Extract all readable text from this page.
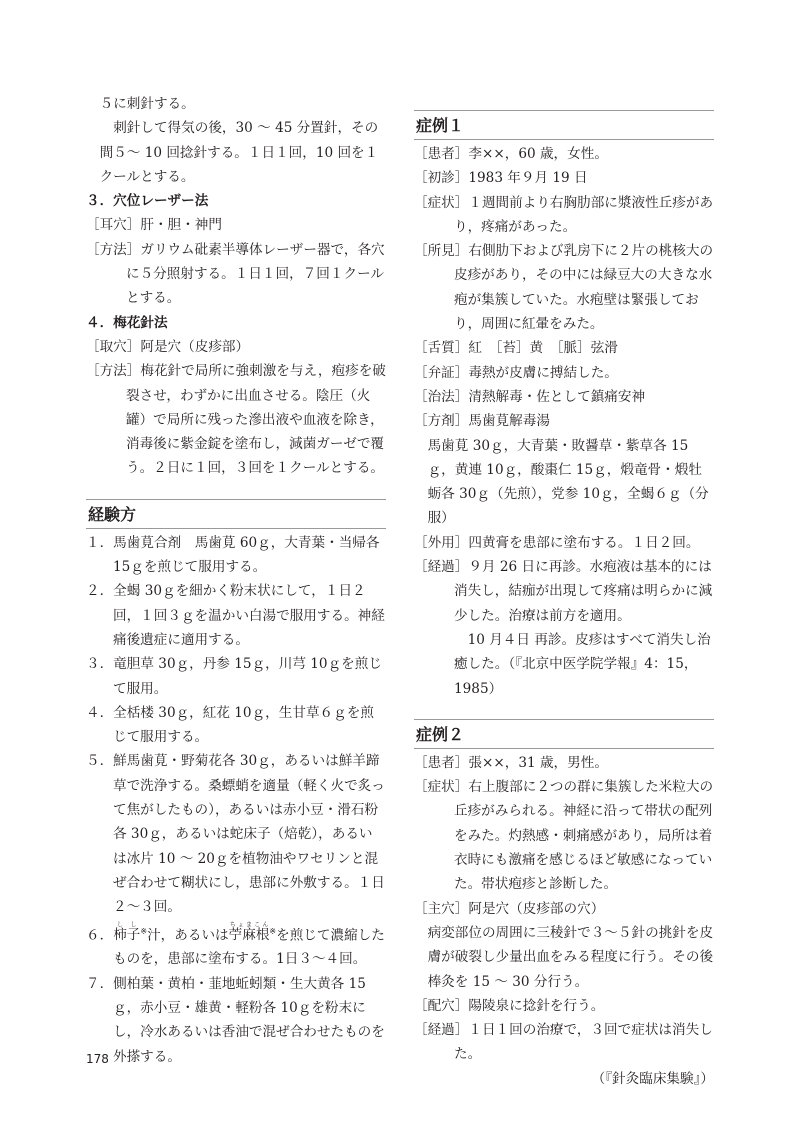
５に刺針する。

刺針して得気の後，30 ～ 45 分置針，その間５～ 10 回捻針する。１日１回，10 回を１クールとする。

３．穴位レーザー法

［耳穴］肝・胆・神門

［方法］ガリウム砒素半導体レーザー器で，各穴に５分照射する。１日１回，７回１クールとする。

４．梅花針法

［取穴］阿是穴（皮疹部）

［方法］梅花針で局所に強刺激を与え，疱疹を破裂させ，わずかに出血させる。陰圧（火罐）で局所に残った滲出液や血液を除き，消毒後に紫金錠を塗布し，減菌ガーゼで覆う。２日に１回，３回を１クールとする。

経験方

１．馬歯莧合剤　馬歯莧 60ｇ，大青葉・当帰各 15ｇを煎じて服用する。

２．全蝎 30ｇを細かく粉末状にして，１日２回，１回３ｇを温かい白湯で服用する。神経痛後遺症に適用する。

３．竜胆草 30ｇ，丹参 15ｇ，川芎 10ｇを煎じて服用。

４．全栝楼 30ｇ，紅花 10ｇ，生甘草６ｇを煎じて服用する。

５．鮮馬歯莧・野菊花各 30ｇ，あるいは鮮羊蹄草で洗浄する。桑螵蛸を適量（軽く火で炙って焦がしたもの），あるいは赤小豆・滑石粉各 30ｇ，あるいは蛇床子（焙乾），あるいは冰片 10 ～ 20ｇを植物油やワセリンと混ぜ合わせて糊状にし，患部に外敷する。１日２～３回。

６．柿子しし※汁，あるいは苧麻根ちょまこん※を煎じて濃縮したものを，患部に塗布する。1日３～４回。

７．側柏葉・黄柏・韮地蚯蚓類・生大黄各 15ｇ，赤小豆・雄黄・軽粉各 10ｇを粉末にし，冷水あるいは香油で混ぜ合わせたものを外搽する。

症例１

［患者］李××，60 歳，女性。

［初診］1983 年９月 19 日

［症状］１週間前より右胸肋部に漿液性丘疹があり，疼痛があった。

［所見］右側肋下および乳房下に２片の桃核大の皮疹があり，その中には緑豆大の大きな水疱が集簇していた。水疱壁は緊張しており，周囲に紅暈をみた。

［舌質］紅　［苔］黄　［脈］弦滑

［弁証］毒熱が皮膚に搏結した。

［治法］清熱解毒・佐として鎮痛安神

［方剤］馬歯莧解毒湯

馬歯莧 30ｇ，大青葉・敗醤草・紫草各 15ｇ，黄連 10ｇ，酸棗仁 15ｇ，煅竜骨・煅牡蛎各 30ｇ（先煎），党参 10ｇ，全蝎６ｇ（分服）

［外用］四黄膏を患部に塗布する。１日２回。

［経過］９月 26 日に再診。水疱液は基本的には消失し，結痂が出現して疼痛は明らかに減少した。治療は前方を適用。

10 月４日 再診。皮疹はすべて消失し治癒した。（『北京中医学院学報』4：15，1985）

症例２

［患者］張××，31 歳，男性。

［症状］右上腹部に２つの群に集簇した米粒大の丘疹がみられる。神経に沿って帯状の配列をみた。灼熱感・刺痛感があり，局所は着衣時にも激痛を感じるほど敏感になっていた。帯状疱疹と診断した。

［主穴］阿是穴（皮疹部の穴）

病変部位の周囲に三稜針で３～５針の挑針を皮膚が破裂し少量出血をみる程度に行う。その後棒灸を 15 ～ 30 分行う。

［配穴］陽陵泉に捻針を行う。

［経過］１日１回の治療で，３回で症状は消失した。

（『針灸臨床集験』）

178
